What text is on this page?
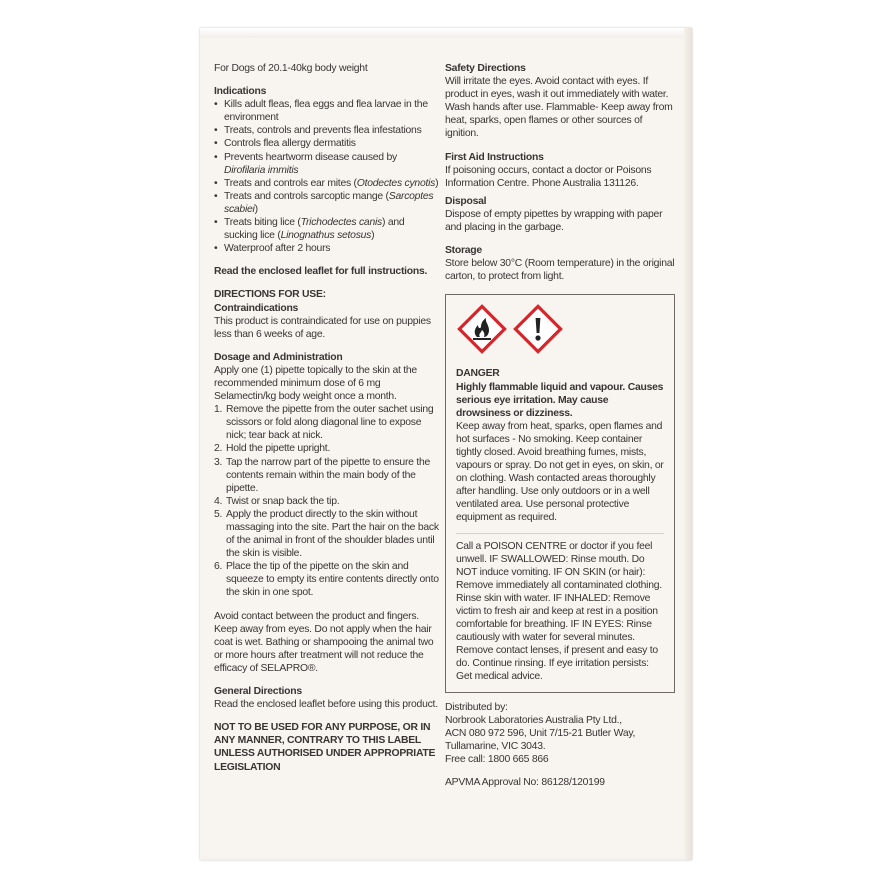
For Dogs of 20.1-40kg body weight

Indications

• Kills adult fleas, flea eggs and flea larvae in the environment
• Treats, controls and prevents flea infestations
• Controls flea allergy dermatitis
• Prevents heartworm disease caused by Dirofilaria immitis
• Treats and controls ear mites (Otodectes cynotis)
• Treats and controls sarcoptic mange (Sarcoptes scabiei)
• Treats biting lice (Trichodectes canis) and sucking lice (Linognathus setosus)
• Waterproof after 2 hours

Read the enclosed leaflet for full instructions.

DIRECTIONS FOR USE:

Contraindications

This product is contraindicated for use on puppies less than 6 weeks of age.

Dosage and Administration

Apply one (1) pipette topically to the skin at the recommended minimum dose of 6 mg Selamectin/kg body weight once a month.

1. Remove the pipette from the outer sachet using scissors or fold along diagonal line to expose nick; tear back at nick.
2. Hold the pipette upright.
3. Tap the narrow part of the pipette to ensure the contents remain within the main body of the pipette.
4. Twist or snap back the tip.
5. Apply the product directly to the skin without massaging into the site. Part the hair on the back of the animal in front of the shoulder blades until the skin is visible.
6. Place the tip of the pipette on the skin and squeeze to empty its entire contents directly onto the skin in one spot.

Avoid contact between the product and fingers. Keep away from eyes. Do not apply when the hair coat is wet. Bathing or shampooing the animal two or more hours after treatment will not reduce the efficacy of SELAPRO®.

General Directions

Read the enclosed leaflet before using this product.

NOT TO BE USED FOR ANY PURPOSE, OR IN ANY MANNER, CONTRARY TO THIS LABEL UNLESS AUTHORISED UNDER APPROPRIATE LEGISLATION

Safety Directions

Will irritate the eyes. Avoid contact with eyes. If product in eyes, wash it out immediately with water. Wash hands after use. Flammable- Keep away from heat, sparks, open flames or other sources of ignition.

First Aid Instructions

If poisoning occurs, contact a doctor or Poisons Information Centre. Phone Australia 131126.

Disposal

Dispose of empty pipettes by wrapping with paper and placing in the garbage.

Storage

Store below 30°C (Room temperature) in the original carton, to protect from light.

DANGER

Highly flammable liquid and vapour. Causes serious eye irritation. May cause drowsiness or dizziness.

Keep away from heat, sparks, open flames and hot surfaces - No smoking. Keep container tightly closed. Avoid breathing fumes, mists, vapours or spray. Do not get in eyes, on skin, or on clothing. Wash contacted areas thoroughly after handling. Use only outdoors or in a well ventilated area. Use personal protective equipment as required.

Call a POISON CENTRE or doctor if you feel unwell. IF SWALLOWED: Rinse mouth. Do NOT induce vomiting. IF ON SKIN (or hair): Remove immediately all contaminated clothing. Rinse skin with water. IF INHALED: Remove victim to fresh air and keep at rest in a position comfortable for breathing. IF IN EYES: Rinse cautiously with water for several minutes. Remove contact lenses, if present and easy to do. Continue rinsing. If eye irritation persists: Get medical advice.

Distributed by:

Norbrook Laboratories Australia Pty Ltd.,

ACN 080 972 596, Unit 7/15-21 Butler Way,

Tullamarine, VIC 3043.

Free call: 1800 665 866

APVMA Approval No: 86128/120199
